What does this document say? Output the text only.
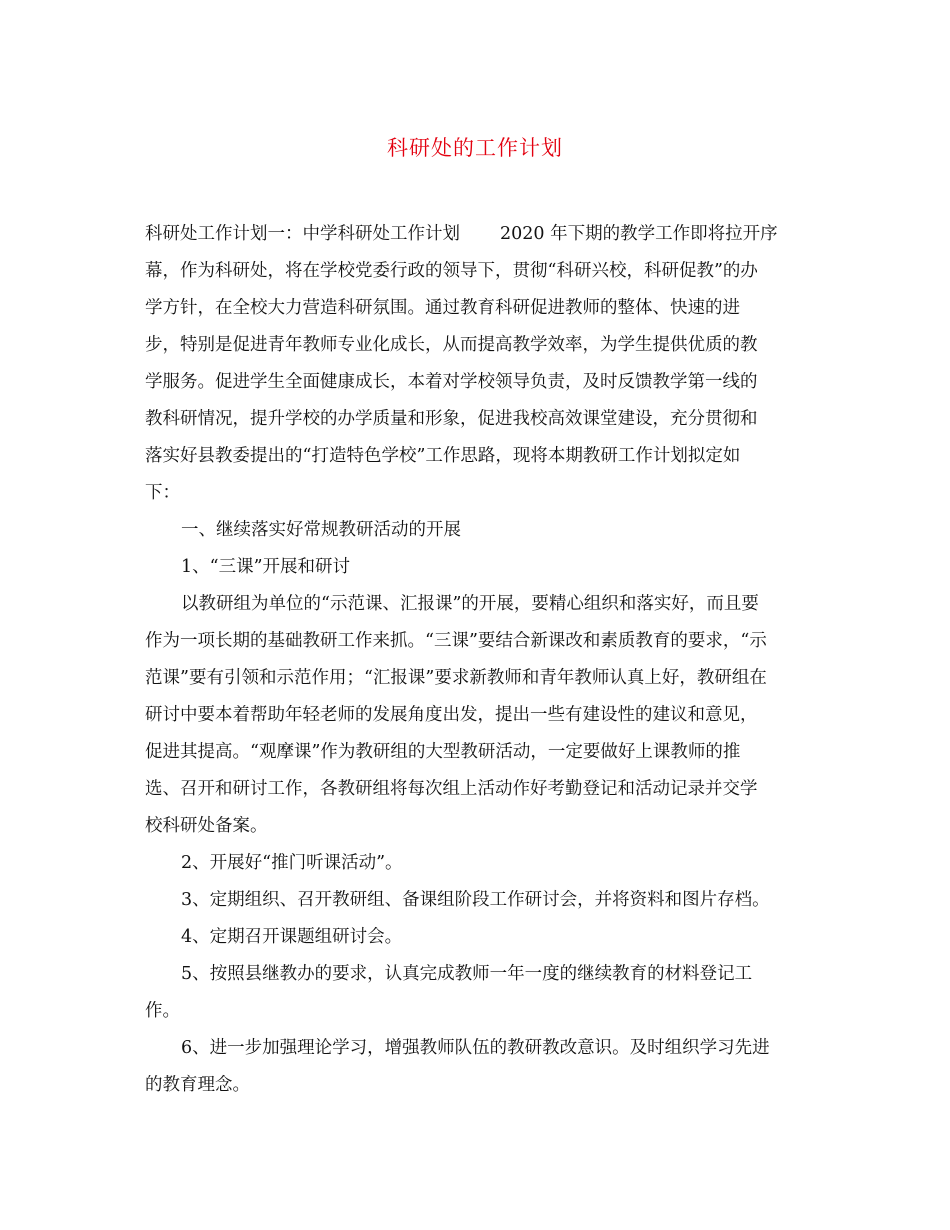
科研处的工作计划
科研处工作计划一：中学科研处工作计划 2020 年下期的教学工作即将拉开序
幕，作为科研处，将在学校党委行政的领导下，贯彻“科研兴校，科研促教”的办
学方针，在全校大力营造科研氛围。通过教育科研促进教师的整体、快速的进
步，特别是促进青年教师专业化成长，从而提高教学效率，为学生提供优质的教
学服务。促进学生全面健康成长，本着对学校领导负责，及时反馈教学第一线的
教科研情况，提升学校的办学质量和形象，促进我校高效课堂建设，充分贯彻和
落实好县教委提出的“打造特色学校”工作思路，现将本期教研工作计划拟定如
下：
一、继续落实好常规教研活动的开展
1、“三课”开展和研讨
以教研组为单位的“示范课、汇报课”的开展，要精心组织和落实好，而且要
作为一项长期的基础教研工作来抓。“三课”要结合新课改和素质教育的要求，“示
范课”要有引领和示范作用；“汇报课”要求新教师和青年教师认真上好，教研组在
研讨中要本着帮助年轻老师的发展角度出发，提出一些有建设性的建议和意见，
促进其提高。“观摩课”作为教研组的大型教研活动，一定要做好上课教师的推
选、召开和研讨工作，各教研组将每次组上活动作好考勤登记和活动记录并交学
校科研处备案。
2、开展好“推门听课活动”。
3、定期组织、召开教研组、备课组阶段工作研讨会，并将资料和图片存档。
4、定期召开课题组研讨会。
5、按照县继教办的要求，认真完成教师一年一度的继续教育的材料登记工
作。
6、进一步加强理论学习，增强教师队伍的教研教改意识。及时组织学习先进
的教育理念。
